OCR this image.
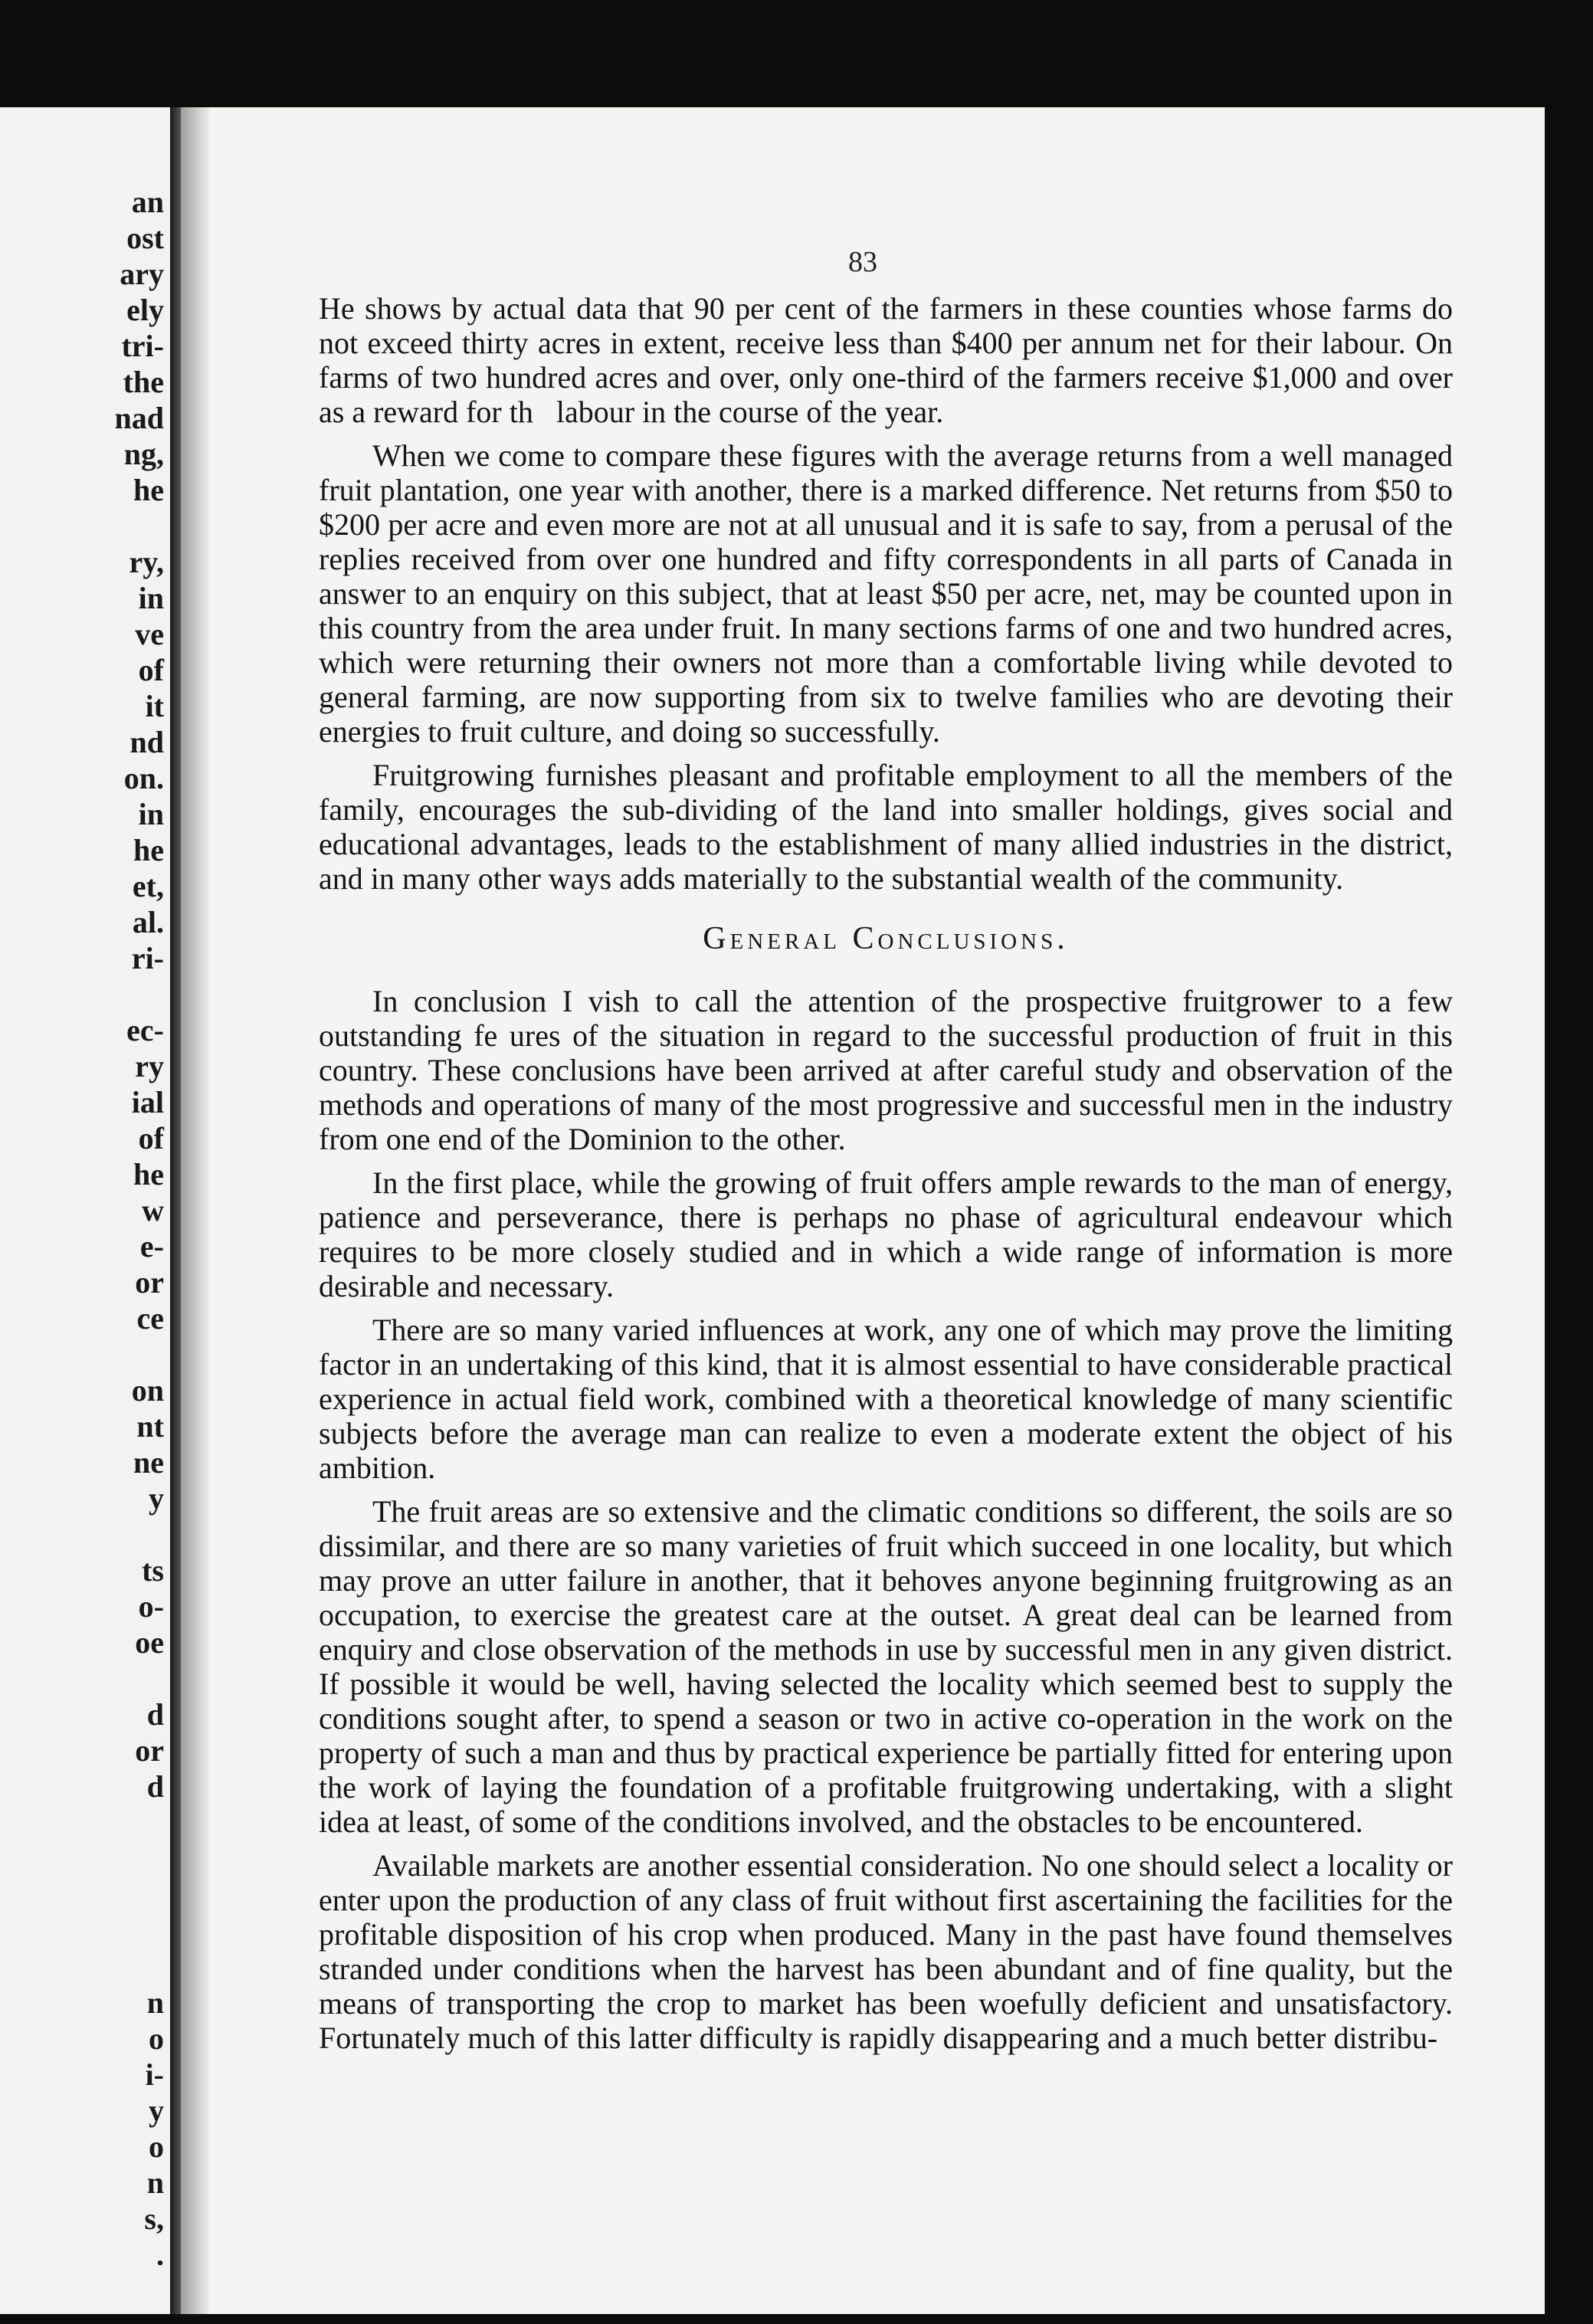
an
ost
ary
ely
tri-
the
nad
ng,
he
ry,
in
ve
of
it
nd
on.
in
he
et,
al.
ri-
ec-
ry
ial
of
he
w
e-
or
ce
on
nt
ne
y
ts
o-
oe
d
or
d
n
o
i-
y
o
n
s,
.
83

He shows by actual data that 90 per cent of the farmers in these counties whose farms do not exceed thirty acres in extent, receive less than $400 per annum net for their labour. On farms of two hundred acres and over, only one-third of the farmers receive $1,000 and over as a reward for th   labour in the course of the year.

When we come to compare these figures with the average returns from a well managed fruit plantation, one year with another, there is a marked difference. Net returns from $50 to $200 per acre and even more are not at all unusual and it is safe to say, from a perusal of the replies received from over one hundred and fifty correspondents in all parts of Canada in answer to an enquiry on this subject, that at least $50 per acre, net, may be counted upon in this country from the area under fruit. In many sections farms of one and two hundred acres, which were returning their owners not more than a comfortable living while devoted to general farming, are now supporting from six to twelve families who are devoting their energies to fruit culture, and doing so successfully.

Fruitgrowing furnishes pleasant and profitable employment to all the members of the family, encourages the sub-dividing of the land into smaller holdings, gives social and educational advantages, leads to the establishment of many allied industries in the district, and in many other ways adds materially to the substantial wealth of the community.

General Conclusions.

In conclusion I vish to call the attention of the prospective fruitgrower to a few outstanding fe ures of the situation in regard to the successful production of fruit in this country. These conclusions have been arrived at after careful study and observation of the methods and operations of many of the most progressive and successful men in the industry from one end of the Dominion to the other.

In the first place, while the growing of fruit offers ample rewards to the man of energy, patience and perseverance, there is perhaps no phase of agricultural endeavour which requires to be more closely studied and in which a wide range of information is more desirable and necessary.

There are so many varied influences at work, any one of which may prove the limiting factor in an undertaking of this kind, that it is almost essential to have considerable practical experience in actual field work, combined with a theoretical knowledge of many scientific subjects before the average man can realize to even a moderate extent the object of his ambition.

The fruit areas are so extensive and the climatic conditions so different, the soils are so dissimilar, and there are so many varieties of fruit which succeed in one locality, but which may prove an utter failure in another, that it behoves anyone beginning fruitgrowing as an occupation, to exercise the greatest care at the outset. A great deal can be learned from enquiry and close observation of the methods in use by successful men in any given district. If possible it would be well, having selected the locality which seemed best to supply the conditions sought after, to spend a season or two in active co-operation in the work on the property of such a man and thus by practical experience be partially fitted for entering upon the work of laying the foundation of a profitable fruitgrowing undertaking, with a slight idea at least, of some of the conditions involved, and the obstacles to be encountered.

Available markets are another essential consideration. No one should select a locality or enter upon the production of any class of fruit without first ascertaining the facilities for the profitable disposition of his crop when produced. Many in the past have found themselves stranded under conditions when the harvest has been abundant and of fine quality, but the means of transporting the crop to market has been woefully deficient and unsatisfactory. Fortunately much of this latter difficulty is rapidly disappearing and a much better distribu-
